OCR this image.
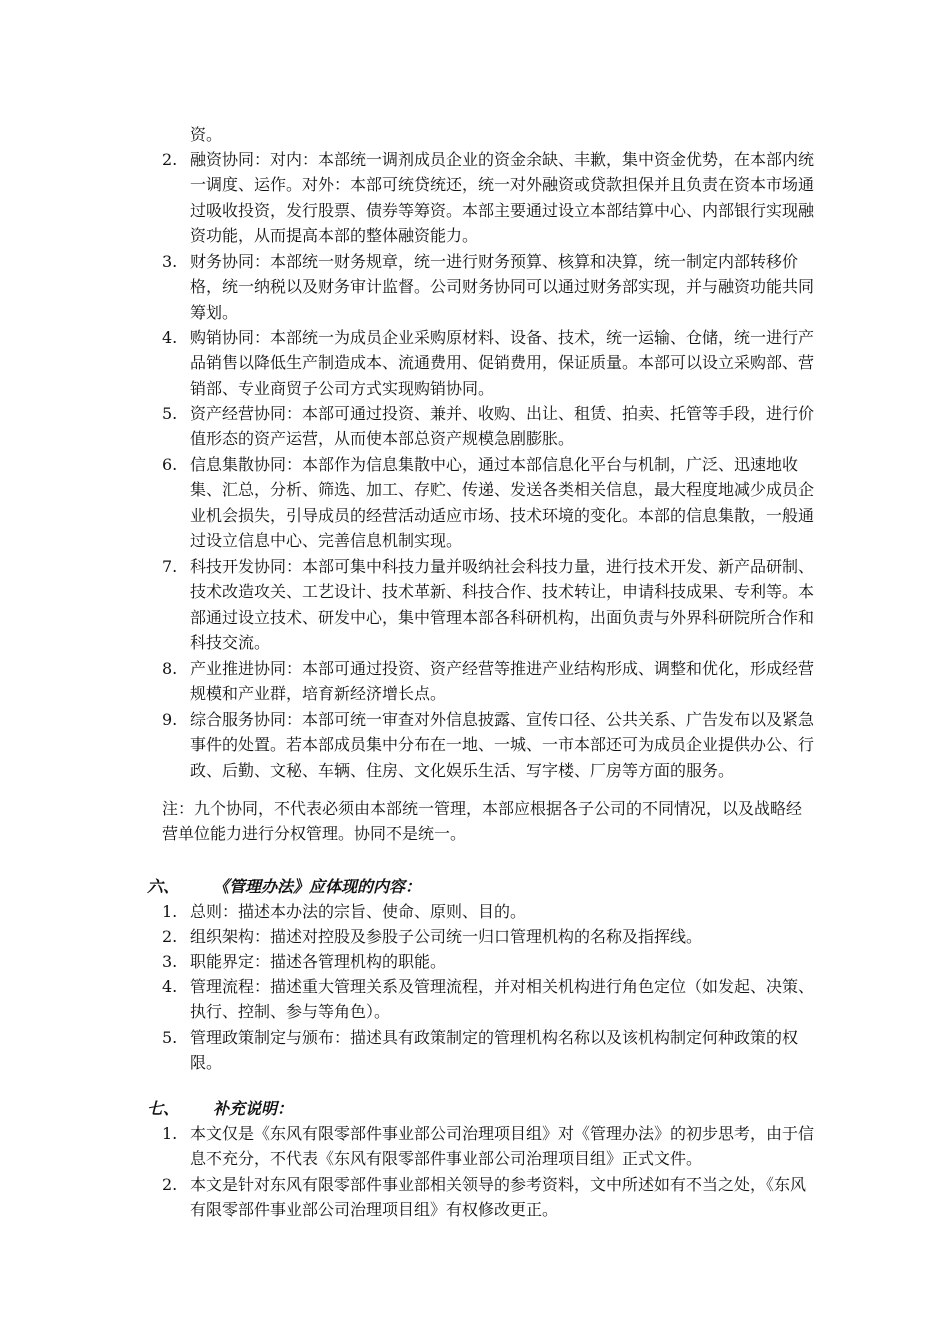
资。
2. 融资协同：对内：本部统一调剂成员企业的资金余缺、丰歉，集中资金优势，在本部内统一调度、运作。对外：本部可统贷统还，统一对外融资或贷款担保并且负责在资本市场通过吸收投资，发行股票、债券等筹资。本部主要通过设立本部结算中心、内部银行实现融资功能，从而提高本部的整体融资能力。
3. 财务协同：本部统一财务规章，统一进行财务预算、核算和决算，统一制定内部转移价格，统一纳税以及财务审计监督。公司财务协同可以通过财务部实现，并与融资功能共同筹划。
4. 购销协同：本部统一为成员企业采购原材料、设备、技术，统一运输、仓储，统一进行产品销售以降低生产制造成本、流通费用、促销费用，保证质量。本部可以设立采购部、营销部、专业商贸子公司方式实现购销协同。
5. 资产经营协同：本部可通过投资、兼并、收购、出让、租赁、拍卖、托管等手段，进行价值形态的资产运营，从而使本部总资产规模急剧膨胀。
6. 信息集散协同：本部作为信息集散中心，通过本部信息化平台与机制，广泛、迅速地收集、汇总，分析、筛选、加工、存贮、传递、发送各类相关信息，最大程度地减少成员企业机会损失，引导成员的经营活动适应市场、技术环境的变化。本部的信息集散，一般通过设立信息中心、完善信息机制实现。
7. 科技开发协同：本部可集中科技力量并吸纳社会科技力量，进行技术开发、新产品研制、技术改造攻关、工艺设计、技术革新、科技合作、技术转让，申请科技成果、专利等。本部通过设立技术、研发中心，集中管理本部各科研机构，出面负责与外界科研院所合作和科技交流。
8. 产业推进协同：本部可通过投资、资产经营等推进产业结构形成、调整和优化，形成经营规模和产业群，培育新经济增长点。
9. 综合服务协同：本部可统一审查对外信息披露、宣传口径、公共关系、广告发布以及紧急事件的处置。若本部成员集中分布在一地、一城、一市本部还可为成员企业提供办公、行政、后勤、文秘、车辆、住房、文化娱乐生活、写字楼、厂房等方面的服务。
注：九个协同，不代表必须由本部统一管理，本部应根据各子公司的不同情况，以及战略经营单位能力进行分权管理。协同不是统一。
六、 《管理办法》应体现的内容：
1. 总则：描述本办法的宗旨、使命、原则、目的。
2. 组织架构：描述对控股及参股子公司统一归口管理机构的名称及指挥线。
3. 职能界定：描述各管理机构的职能。
4. 管理流程：描述重大管理关系及管理流程，并对相关机构进行角色定位（如发起、决策、执行、控制、参与等角色）。
5. 管理政策制定与颁布：描述具有政策制定的管理机构名称以及该机构制定何种政策的权限。
七、 补充说明：
1. 本文仅是《东风有限零部件事业部公司治理项目组》对《管理办法》的初步思考，由于信息不充分，不代表《东风有限零部件事业部公司治理项目组》正式文件。
2. 本文是针对东风有限零部件事业部相关领导的参考资料，文中所述如有不当之处，《东风有限零部件事业部公司治理项目组》有权修改更正。
